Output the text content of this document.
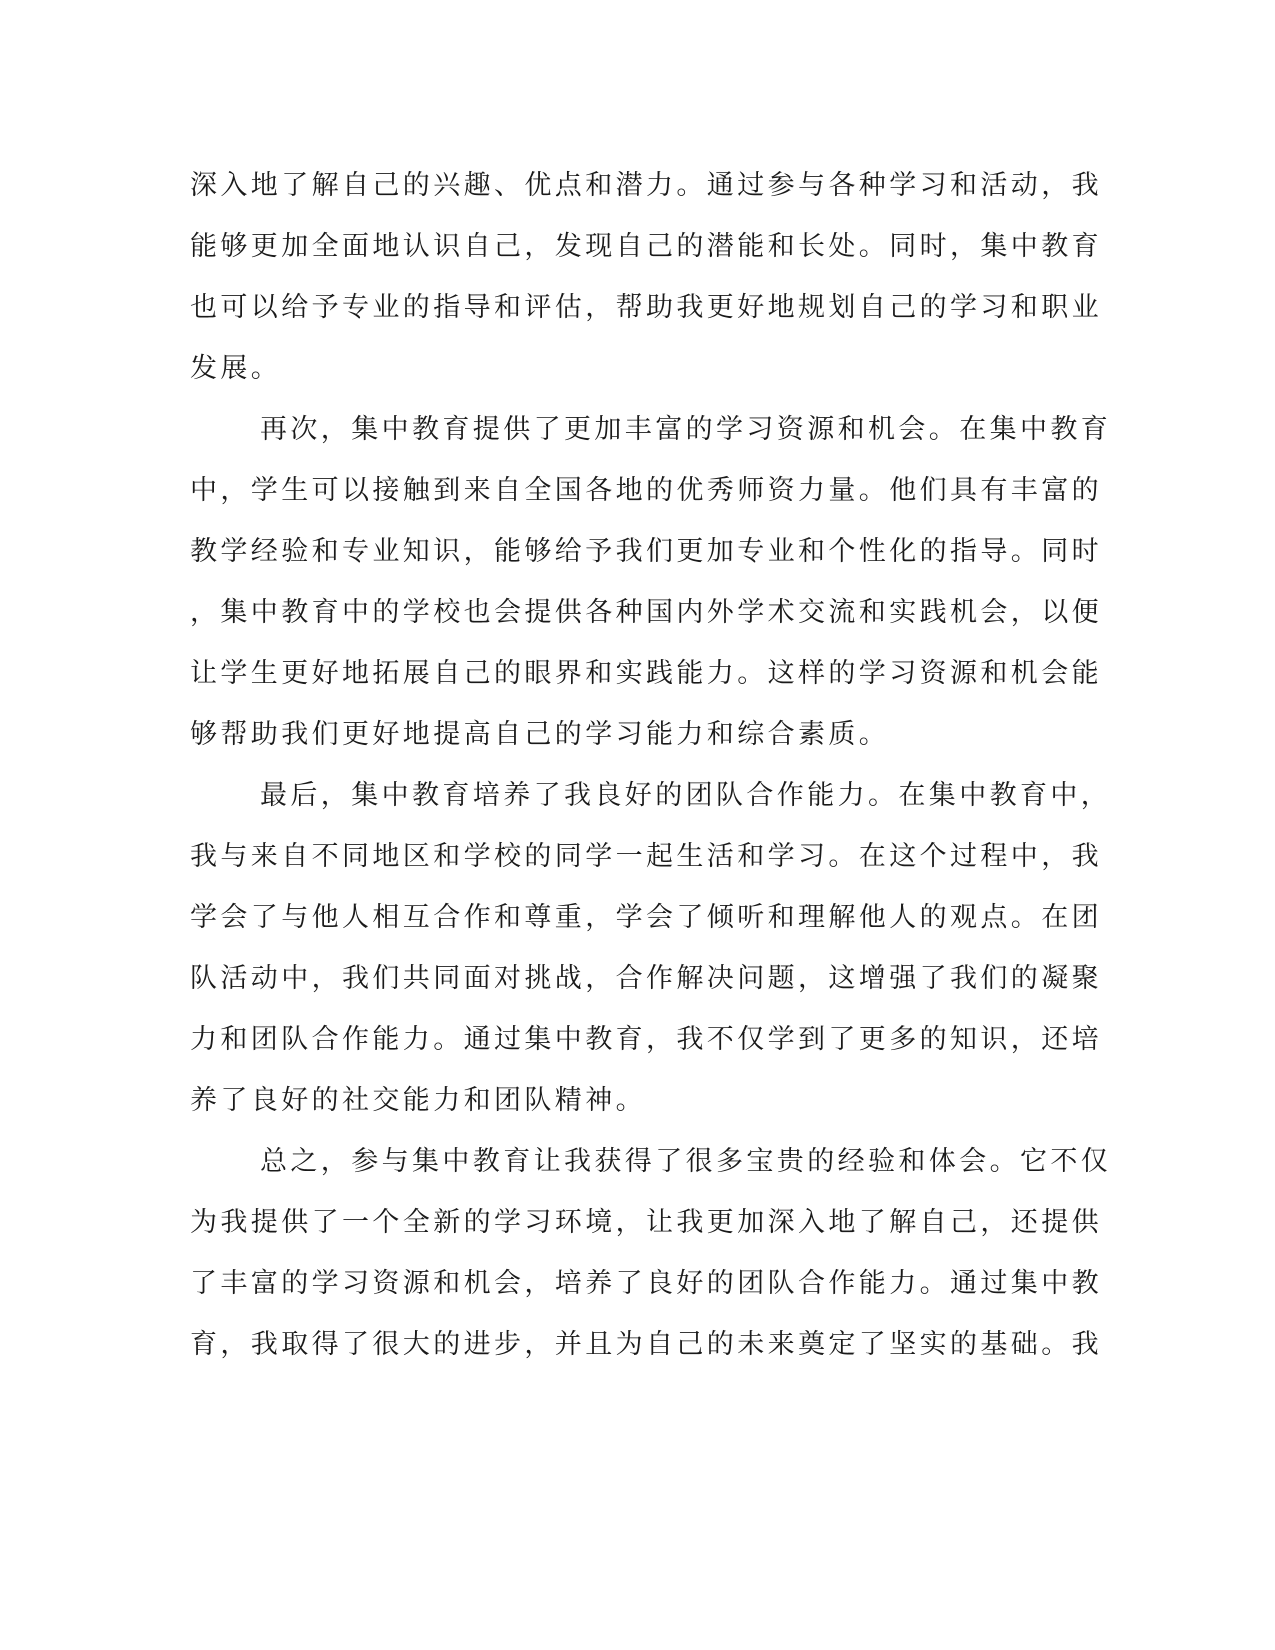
深入地了解自己的兴趣、优点和潜力。通过参与各种学习和活动，我
能够更加全面地认识自己，发现自己的潜能和长处。同时，集中教育
也可以给予专业的指导和评估，帮助我更好地规划自己的学习和职业
发展。
再次，集中教育提供了更加丰富的学习资源和机会。在集中教育
中，学生可以接触到来自全国各地的优秀师资力量。他们具有丰富的
教学经验和专业知识，能够给予我们更加专业和个性化的指导。同时
，集中教育中的学校也会提供各种国内外学术交流和实践机会，以便
让学生更好地拓展自己的眼界和实践能力。这样的学习资源和机会能
够帮助我们更好地提高自己的学习能力和综合素质。
最后，集中教育培养了我良好的团队合作能力。在集中教育中，
我与来自不同地区和学校的同学一起生活和学习。在这个过程中，我
学会了与他人相互合作和尊重，学会了倾听和理解他人的观点。在团
队活动中，我们共同面对挑战，合作解决问题，这增强了我们的凝聚
力和团队合作能力。通过集中教育，我不仅学到了更多的知识，还培
养了良好的社交能力和团队精神。
总之，参与集中教育让我获得了很多宝贵的经验和体会。它不仅
为我提供了一个全新的学习环境，让我更加深入地了解自己，还提供
了丰富的学习资源和机会，培养了良好的团队合作能力。通过集中教
育，我取得了很大的进步，并且为自己的未来奠定了坚实的基础。我
